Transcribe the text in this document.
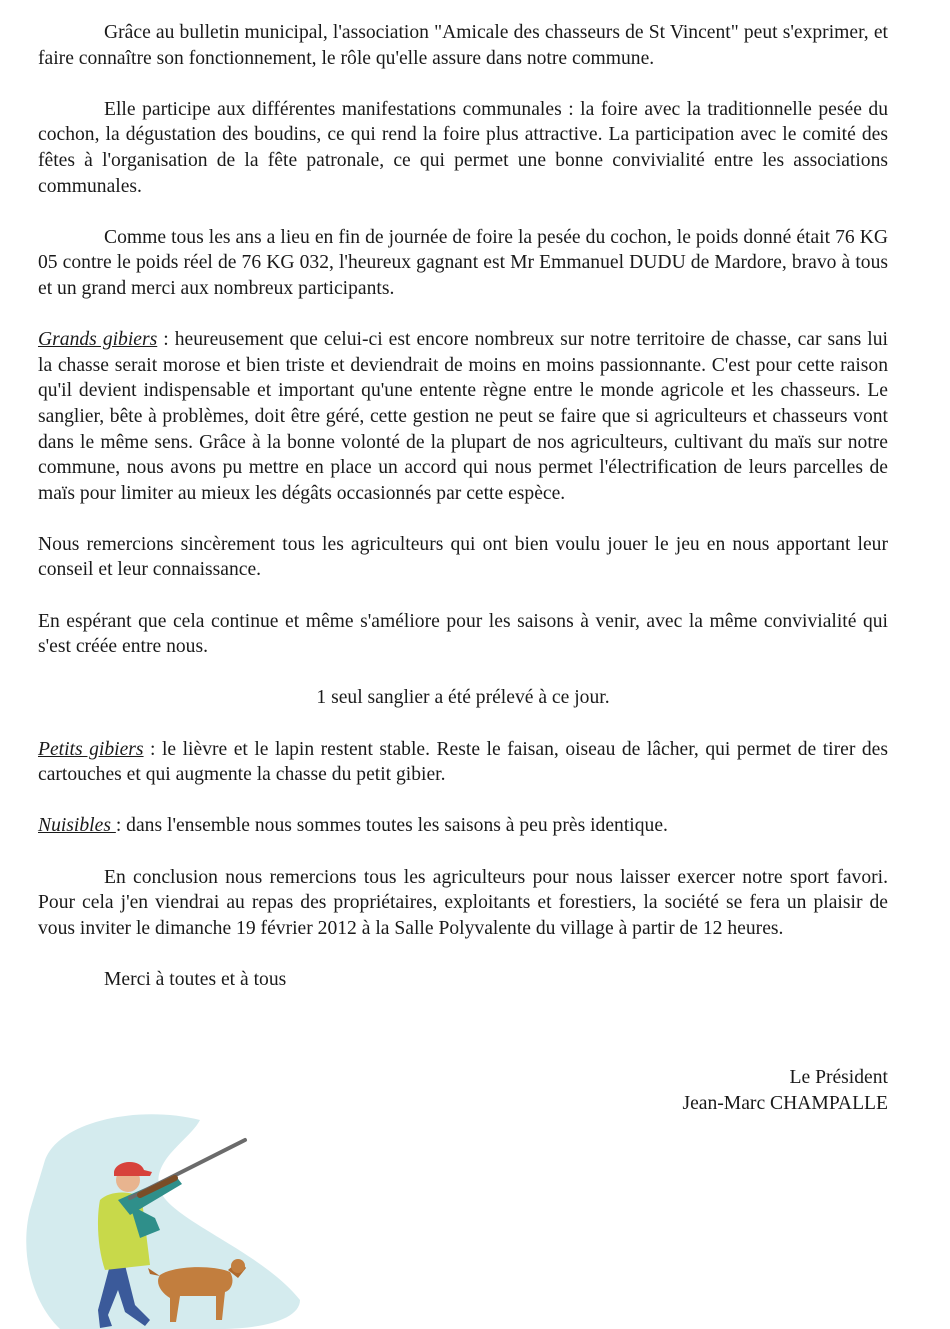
Grâce au bulletin municipal, l'association "Amicale des chasseurs de St Vincent" peut s'exprimer, et faire connaître son fonctionnement, le rôle qu'elle assure dans notre commune.

Elle participe aux différentes manifestations communales : la foire avec la traditionnelle pesée du cochon, la dégustation des boudins, ce qui rend la foire plus attractive. La participation avec le comité des fêtes à l'organisation de la fête patronale, ce qui permet une bonne convivialité entre les associations communales.

Comme tous les ans a lieu en fin de journée de foire la pesée du cochon, le poids donné était 76 KG 05 contre le poids réel de 76 KG 032, l'heureux gagnant est Mr Emmanuel DUDU de Mardore, bravo à tous et un grand merci aux nombreux participants.

Grands gibiers : heureusement que celui-ci est encore nombreux sur notre territoire de chasse, car sans lui la chasse serait morose et bien triste et deviendrait de moins en moins passionnante. C'est pour cette raison qu'il devient indispensable et important qu'une entente règne entre le monde agricole et les chasseurs. Le sanglier, bête à problèmes, doit être géré, cette gestion ne peut se faire que si agriculteurs et chasseurs vont dans le même sens. Grâce à la bonne volonté de la plupart de nos agriculteurs, cultivant du maïs sur notre commune, nous avons pu mettre en place un accord qui nous permet l'électrification de leurs parcelles de maïs pour limiter au mieux les dégâts occasionnés par cette espèce.

Nous remercions sincèrement tous les agriculteurs qui ont bien voulu jouer le jeu en nous apportant leur conseil et leur connaissance.

En espérant que cela continue et même s'améliore pour les saisons à venir, avec la même convivialité qui s'est créée entre nous.

1 seul sanglier a été prélevé à ce jour.

Petits gibiers : le lièvre et le lapin restent stable. Reste le faisan, oiseau de lâcher, qui permet de tirer des cartouches et qui augmente la chasse du petit gibier.

Nuisibles : dans l'ensemble nous sommes toutes les saisons à peu près identique.

En conclusion nous remercions tous les agriculteurs pour nous laisser exercer notre sport favori. Pour cela j'en viendrai au repas des propriétaires, exploitants et forestiers, la société se fera un plaisir de vous inviter le dimanche 19 février 2012 à la Salle Polyvalente du village à partir de 12 heures.

Merci à toutes et à tous

Le Président
Jean-Marc CHAMPALLE
